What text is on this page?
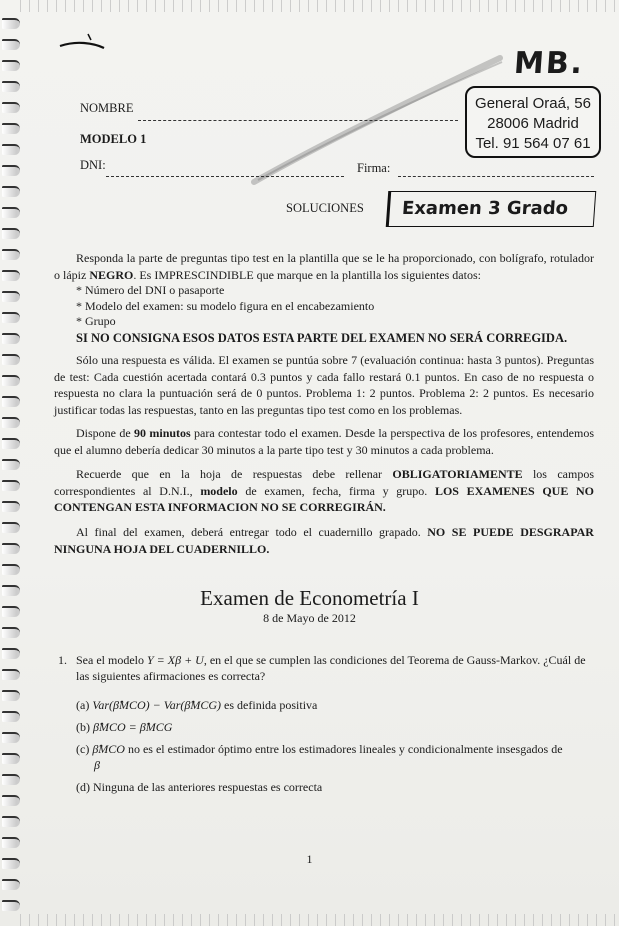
NOMBRE
MODELO 1
DNI:	Firma:
MB.
General Oraá, 56
28006 Madrid
Tel. 91 564 07 61
SOLUCIONES	Examen 3 Grado
Responda la parte de preguntas tipo test en la plantilla que se le ha proporcionado, con bolígrafo, rotulador o lápiz NEGRO. Es IMPRESCINDIBLE que marque en la plantilla los siguientes datos:
* Número del DNI o pasaporte
* Modelo del examen: su modelo figura en el encabezamiento
* Grupo
SI NO CONSIGNA ESOS DATOS ESTA PARTE DEL EXAMEN NO SERÁ CORREGIDA.
Sólo una respuesta es válida. El examen se puntúa sobre 7 (evaluación continua: hasta 3 puntos). Preguntas de test: Cada cuestión acertada contará 0.3 puntos y cada fallo restará 0.1 puntos. En caso de no respuesta o respuesta no clara la puntuación será de 0 puntos. Problema 1: 2 puntos. Problema 2: 2 puntos. Es necesario justificar todas las respuestas, tanto en las preguntas tipo test como en los problemas.
Dispone de 90 minutos para contestar todo el examen. Desde la perspectiva de los profesores, entendemos que el alumno debería dedicar 30 minutos a la parte tipo test y 30 minutos a cada problema.
Recuerde que en la hoja de respuestas debe rellenar OBLIGATORIAMENTE los campos correspondientes al D.N.I., modelo de examen, fecha, firma y grupo. LOS EXAMENES QUE NO CONTENGAN ESTA INFORMACION NO SE CORREGIRÁN.
Al final del examen, deberá entregar todo el cuadernillo grapado. NO SE PUEDE DESGRAPAR NINGUNA HOJA DEL CUADERNILLO.
Examen de Econometría I
8 de Mayo de 2012
1. Sea el modelo Y = Xβ + U, en el que se cumplen las condiciones del Teorema de Gauss-Markov. ¿Cuál de las siguientes afirmaciones es correcta?
(a) Var(β̂MCO) − Var(β̂MCG) es definida positiva
(b) β̂MCO = β̂MCG
(c) β̂MCO no es el estimador óptimo entre los estimadores lineales y condicionalmente insesgados de
β
(d) Ninguna de las anteriores respuestas es correcta
1
